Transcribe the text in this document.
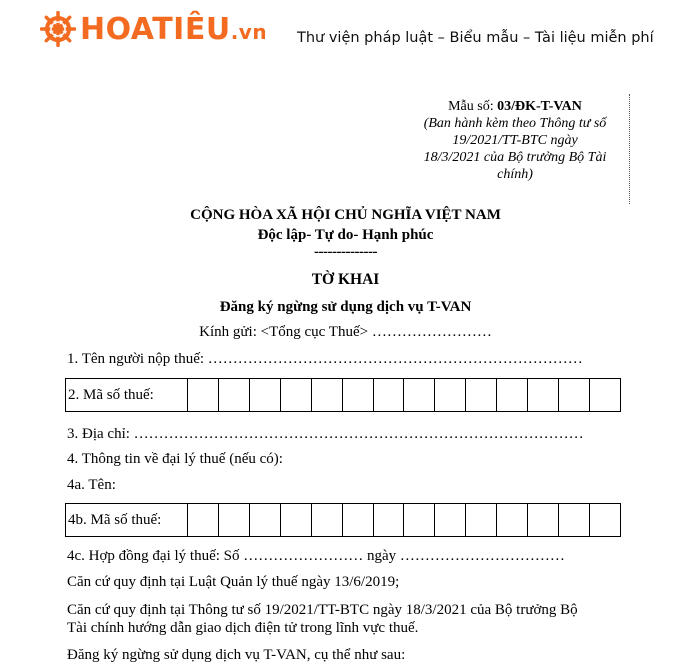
HOATIÊU.vn Thư viện pháp luật – Biểu mẫu – Tài liệu miễn phí
Mẫu số: 03/ĐK-T-VAN
(Ban hành kèm theo Thông tư số
19/2021/TT-BTC ngày
18/3/2021 của Bộ trưởng Bộ Tài
chính)
CỘNG HÒA XÃ HỘI CHỦ NGHĨA VIỆT NAM
Độc lập- Tự do- Hạnh phúc
--------------
TỜ KHAI
Đăng ký ngừng sử dụng dịch vụ T-VAN
Kính gửi: <Tổng cục Thuế> ……………………
1. Tên người nộp thuế: …………………………………………………………………
2. Mã số thuế:
3. Địa chỉ: ………………………………………………………………………………
4. Thông tin về đại lý thuế (nếu có):
4a. Tên:
4b. Mã số thuế:
4c. Hợp đồng đại lý thuế: Số …………………… ngày ……………………………
Căn cứ quy định tại Luật Quản lý thuế ngày 13/6/2019;
Căn cứ quy định tại Thông tư số 19/2021/TT-BTC ngày 18/3/2021 của Bộ trưởng Bộ
Tài chính hướng dẫn giao dịch điện tử trong lĩnh vực thuế.
Đăng ký ngừng sử dụng dịch vụ T-VAN, cụ thể như sau:
